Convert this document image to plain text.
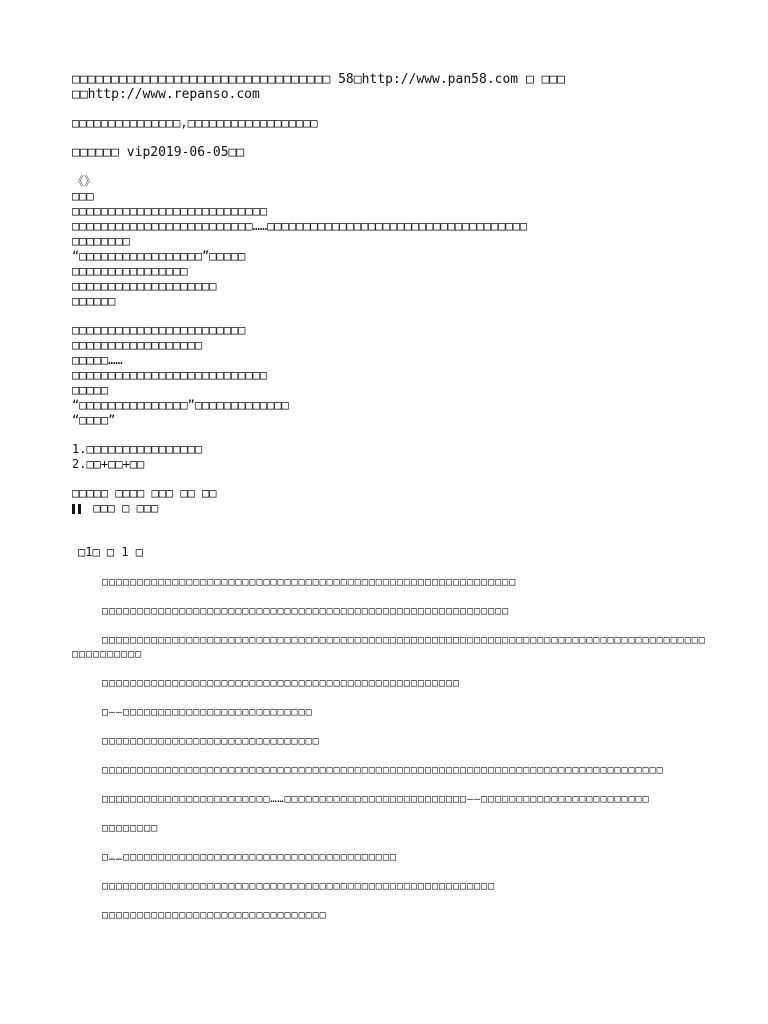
□□□□□□□□□□□□□□□□□□□□□□□□□□□□□□□□□ 58□http://www.pan58.com □ □□□
□□http://www.repanso.com
□□□□□□□□□□□□□□□,□□□□□□□□□□□□□□□□□□
□□□□□□ vip2019-06-05□□
《》
□□□
□□□□□□□□□□□□□□□□□□□□□□□□□□□
□□□□□□□□□□□□□□□□□□□□□□□□□……□□□□□□□□□□□□□□□□□□□□□□□□□□□□□□□□□□□□
□□□□□□□□
“□□□□□□□□□□□□□□□□□”□□□□□
□□□□□□□□□□□□□□□□
□□□□□□□□□□□□□□□□□□□□
□□□□□□
□□□□□□□□□□□□□□□□□□□□□□□□
□□□□□□□□□□□□□□□□□□
□□□□□……
□□□□□□□□□□□□□□□□□□□□□□□□□□□
□□□□□
“□□□□□□□□□□□□□□□”□□□□□□□□□□□□□
“□□□□”
1.□□□□□□□□□□□□□□□□
2.□□+□□+□□
□□□□□ □□□□ □□□ □□ □□
□□□ □ □□□
□1□ □ 1 □
□□□□□□□□□□□□□□□□□□□□□□□□□□□□□□□□□□□□□□□□□□□□□□□□□□□□□□□□□□□
□□□□□□□□□□□□□□□□□□□□□□□□□□□□□□□□□□□□□□□□□□□□□□□□□□□□□□□□□□
□□□□□□□□□□□□□□□□□□□□□□□□□□□□□□□□□□□□□□□□□□□□□□□□□□□□□□□□□□□□□□□□□□□□□□□□□□□□□□□□□□□□□□□□□□□□□□□□
□□□□□□□□□□□□□□□□□□□□□□□□□□□□□□□□□□□□□□□□□□□□□□□□□□□
□——□□□□□□□□□□□□□□□□□□□□□□□□□□□
□□□□□□□□□□□□□□□□□□□□□□□□□□□□□□□
□□□□□□□□□□□□□□□□□□□□□□□□□□□□□□□□□□□□□□□□□□□□□□□□□□□□□□□□□□□□□□□□□□□□□□□□□□□□□□□□
□□□□□□□□□□□□□□□□□□□□□□□□……□□□□□□□□□□□□□□□□□□□□□□□□□□——□□□□□□□□□□□□□□□□□□□□□□□□
□□□□□□□□
□……□□□□□□□□□□□□□□□□□□□□□□□□□□□□□□□□□□□□□□□
□□□□□□□□□□□□□□□□□□□□□□□□□□□□□□□□□□□□□□□□□□□□□□□□□□□□□□□□
□□□□□□□□□□□□□□□□□□□□□□□□□□□□□□□□
